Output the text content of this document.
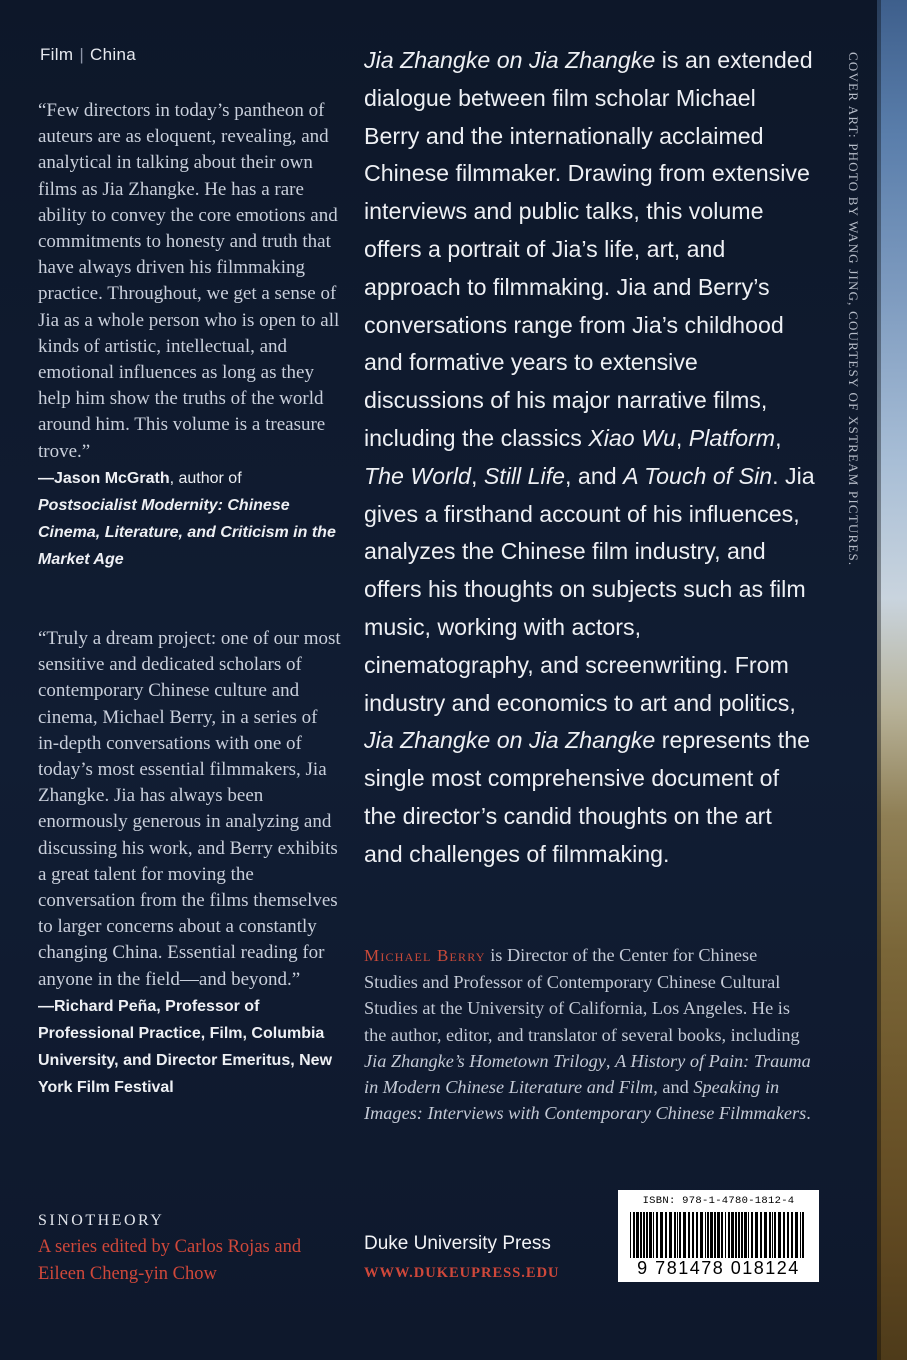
Film | China
“Few directors in today’s pantheon of auteurs are as eloquent, revealing, and analytical in talking about their own films as Jia Zhangke. He has a rare ability to convey the core emotions and commitments to honesty and truth that have always driven his filmmaking practice. Throughout, we get a sense of Jia as a whole person who is open to all kinds of artistic, intellectual, and emotional influences as long as they help him show the truths of the world around him. This volume is a treasure trove.”
—Jason McGrath, author of
Postsocialist Modernity: Chinese Cinema, Literature, and Criticism in the Market Age
“Truly a dream project: one of our most sensitive and dedicated scholars of contemporary Chinese culture and cinema, Michael Berry, in a series of in-depth conversations with one of today’s most essential filmmakers, Jia Zhangke. Jia has always been enormously generous in analyzing and discussing his work, and Berry exhibits a great talent for moving the conversation from the films themselves to larger concerns about a constantly changing China. Essential reading for anyone in the field—and beyond.”
—Richard Peña, Professor of Professional Practice, Film, Columbia University, and Director Emeritus, New York Film Festival
Jia Zhangke on Jia Zhangke is an extended dialogue between film scholar Michael Berry and the internationally acclaimed Chinese filmmaker. Drawing from extensive interviews and public talks, this volume offers a portrait of Jia’s life, art, and approach to filmmaking. Jia and Berry’s conversations range from Jia’s childhood and formative years to extensive discussions of his major narrative films, including the classics Xiao Wu, Platform, The World, Still Life, and A Touch of Sin. Jia gives a firsthand account of his influences, analyzes the Chinese film industry, and offers his thoughts on subjects such as film music, working with actors, cinematography, and screenwriting. From industry and economics to art and politics, Jia Zhangke on Jia Zhangke represents the single most comprehensive document of the director’s candid thoughts on the art and challenges of filmmaking.
Michael Berry is Director of the Center for Chinese Studies and Professor of Contemporary Chinese Cultural Studies at the University of California, Los Angeles. He is the author, editor, and translator of several books, including Jia Zhangke’s Hometown Trilogy, A History of Pain: Trauma in Modern Chinese Literature and Film, and Speaking in Images: Interviews with Contemporary Chinese Filmmakers.
SINOTHEORY
A series edited by Carlos Rojas and Eileen Cheng-yin Chow
Duke University Press
WWW.DUKEUPRESS.EDU
ISBN: 978-1-4780-1812-4
9 781478 018124
COVER ART: PHOTO BY WANG JING, COURTESY OF XSTREAM PICTURES.
